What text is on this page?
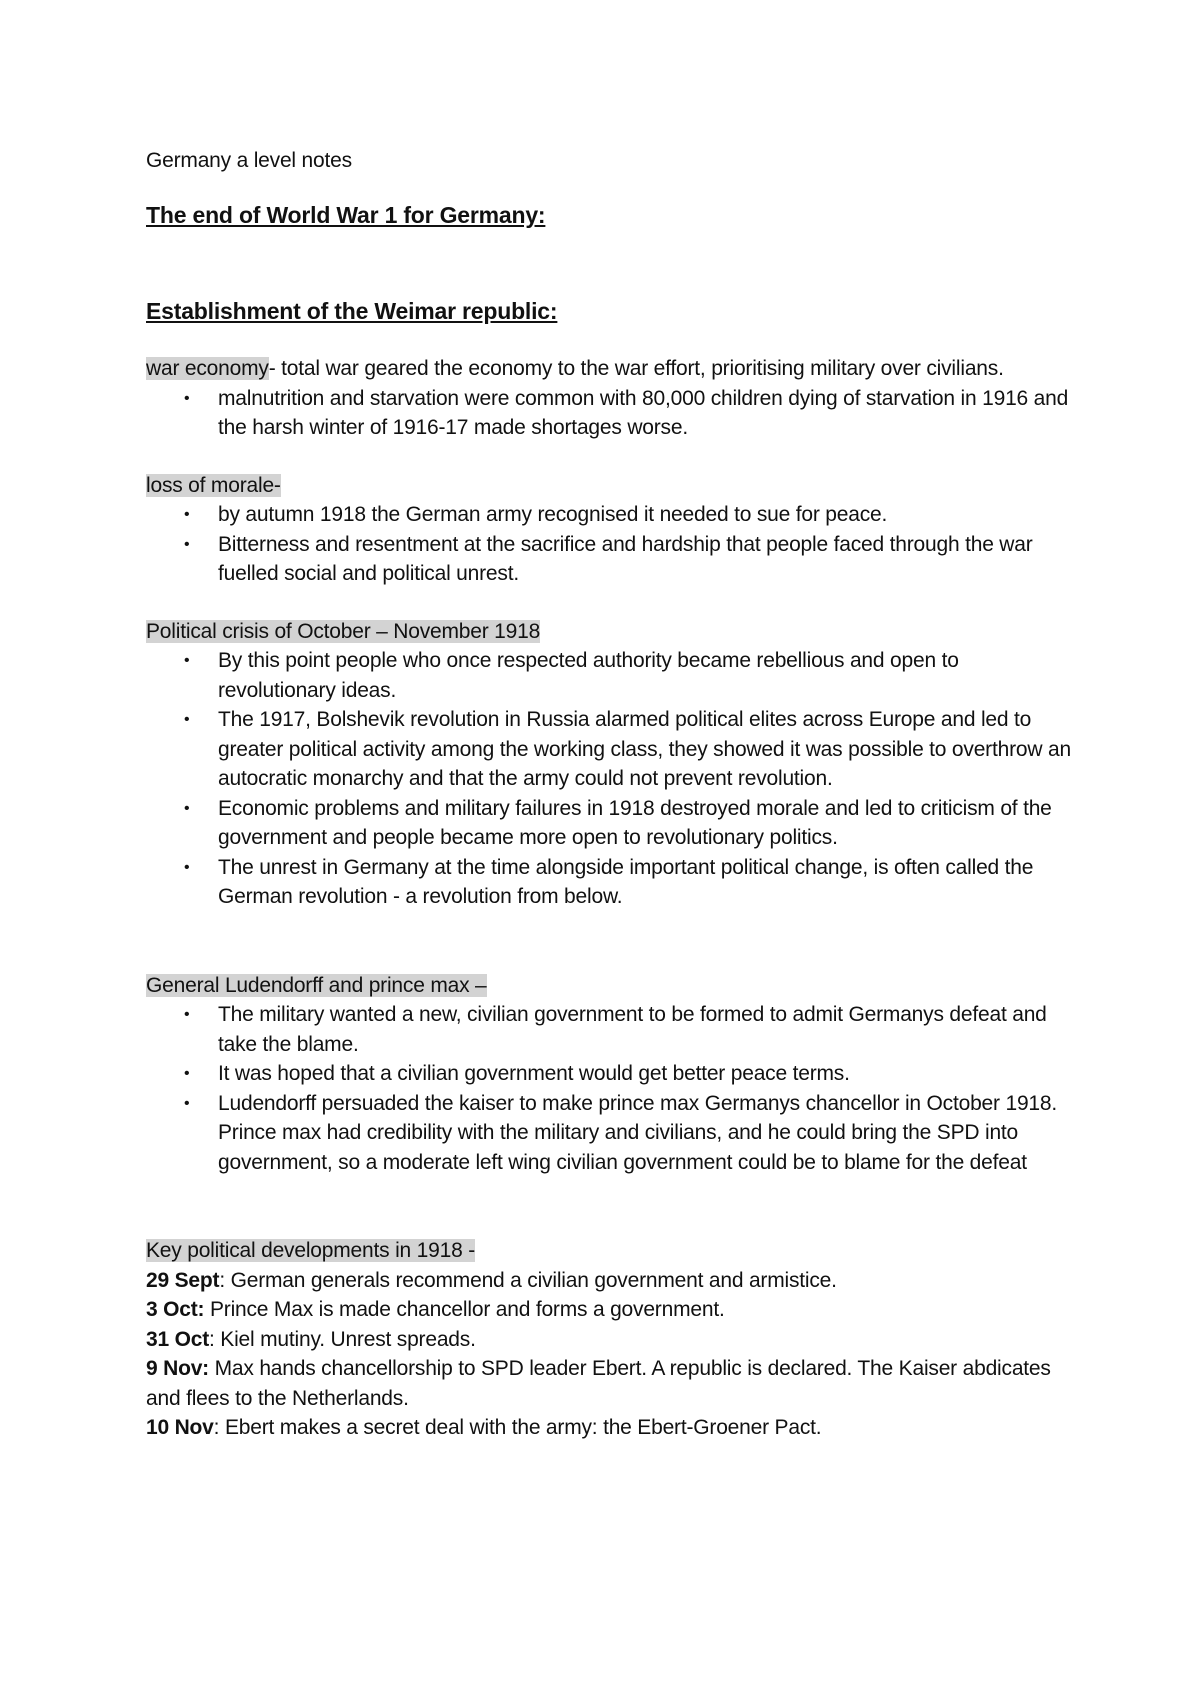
Germany a level notes

The end of World War 1 for Germany:
Establishment of the Weimar republic:

war economy- total war geared the economy to the war effort, prioritising military over civilians.

• malnutrition and starvation were common with 80,000 children dying of starvation in 1916 and the harsh winter of 1916-17 made shortages worse.

loss of morale-

• by autumn 1918 the German army recognised it needed to sue for peace.
• Bitterness and resentment at the sacrifice and hardship that people faced through the war fuelled social and political unrest.

Political crisis of October – November 1918

• By this point people who once respected authority became rebellious and open to revolutionary ideas.
• The 1917, Bolshevik revolution in Russia alarmed political elites across Europe and led to greater political activity among the working class, they showed it was possible to overthrow an autocratic monarchy and that the army could not prevent revolution.
• Economic problems and military failures in 1918 destroyed morale and led to criticism of the government and people became more open to revolutionary politics.
• The unrest in Germany at the time alongside important political change, is often called the German revolution - a revolution from below.

General Ludendorff and prince max –

• The military wanted a new, civilian government to be formed to admit Germanys defeat and take the blame.
• It was hoped that a civilian government would get better peace terms.
• Ludendorff persuaded the kaiser to make prince max Germanys chancellor in October 1918. Prince max had credibility with the military and civilians, and he could bring the SPD into government, so a moderate left wing civilian government could be to blame for the defeat

Key political developments in 1918 -

29 Sept: German generals recommend a civilian government and armistice.

3 Oct: Prince Max is made chancellor and forms a government.

31 Oct: Kiel mutiny. Unrest spreads.

9 Nov: Max hands chancellorship to SPD leader Ebert. A republic is declared. The Kaiser abdicates and flees to the Netherlands.

10 Nov: Ebert makes a secret deal with the army: the Ebert-Groener Pact.
